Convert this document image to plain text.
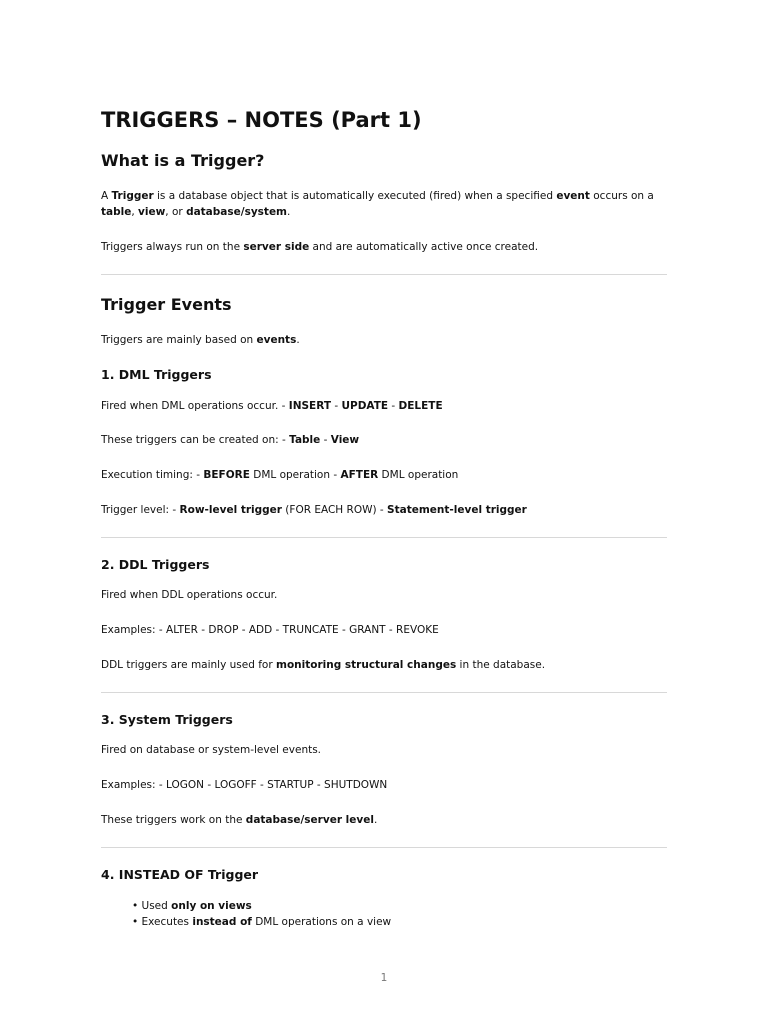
TRIGGERS – NOTES (Part 1)
What is a Trigger?

A Trigger is a database object that is automatically executed (fired) when a specified event occurs on a table, view, or database/system.

Triggers always run on the server side and are automatically active once created.

Trigger Events

Triggers are mainly based on events.

1. DML Triggers

Fired when DML operations occur. - INSERT - UPDATE - DELETE

These triggers can be created on: - Table - View

Execution timing: - BEFORE DML operation - AFTER DML operation

Trigger level: - Row-level trigger (FOR EACH ROW) - Statement-level trigger

2. DDL Triggers

Fired when DDL operations occur.

Examples: - ALTER - DROP - ADD - TRUNCATE - GRANT - REVOKE

DDL triggers are mainly used for monitoring structural changes in the database.

3. System Triggers

Fired on database or system-level events.

Examples: - LOGON - LOGOFF - STARTUP - SHUTDOWN

These triggers work on the database/server level.

4. INSTEAD OF Trigger
• Used only on views
• Executes instead of DML operations on a view
1
